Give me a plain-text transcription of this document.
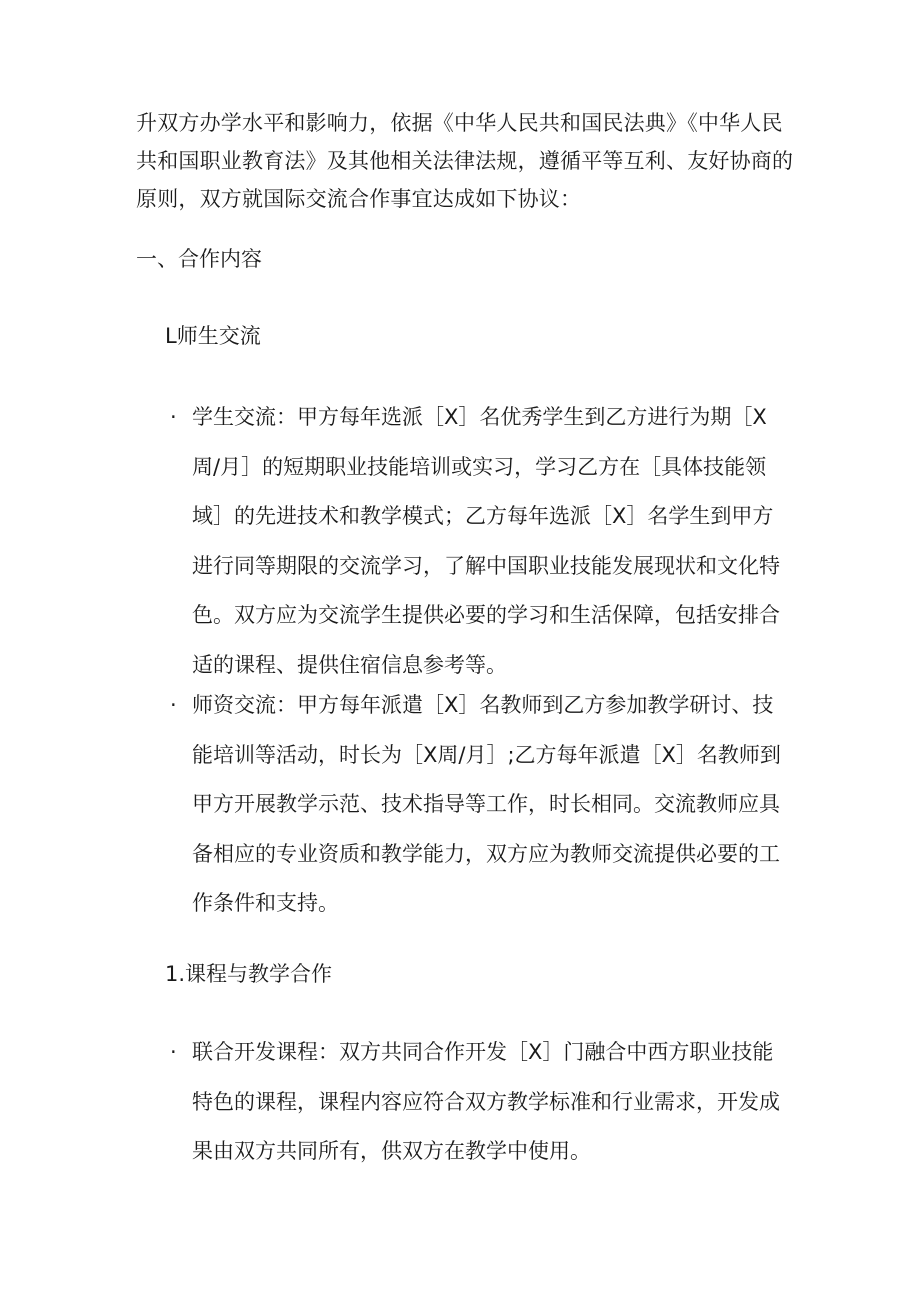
升双方办学水平和影响力，依据《中华人民共和国民法典》《中华人民共和国职业教育法》及其他相关法律法规，遵循平等互利、友好协商的原则，双方就国际交流合作事宜达成如下协议：

一、合作内容
L师生交流
· 学生交流：甲方每年选派［X］名优秀学生到乙方进行为期［X周/月］的短期职业技能培训或实习，学习乙方在［具体技能领域］的先进技术和教学模式；乙方每年选派［X］名学生到甲方进行同等期限的交流学习，了解中国职业技能发展现状和文化特色。双方应为交流学生提供必要的学习和生活保障，包括安排合适的课程、提供住宿信息参考等。
· 师资交流：甲方每年派遣［X］名教师到乙方参加教学研讨、技能培训等活动，时长为［X周/月］;乙方每年派遣［X］名教师到甲方开展教学示范、技术指导等工作，时长相同。交流教师应具备相应的专业资质和教学能力，双方应为教师交流提供必要的工作条件和支持。
1.课程与教学合作
· 联合开发课程：双方共同合作开发［X］门融合中西方职业技能特色的课程，课程内容应符合双方教学标准和行业需求，开发成果由双方共同所有，供双方在教学中使用。
